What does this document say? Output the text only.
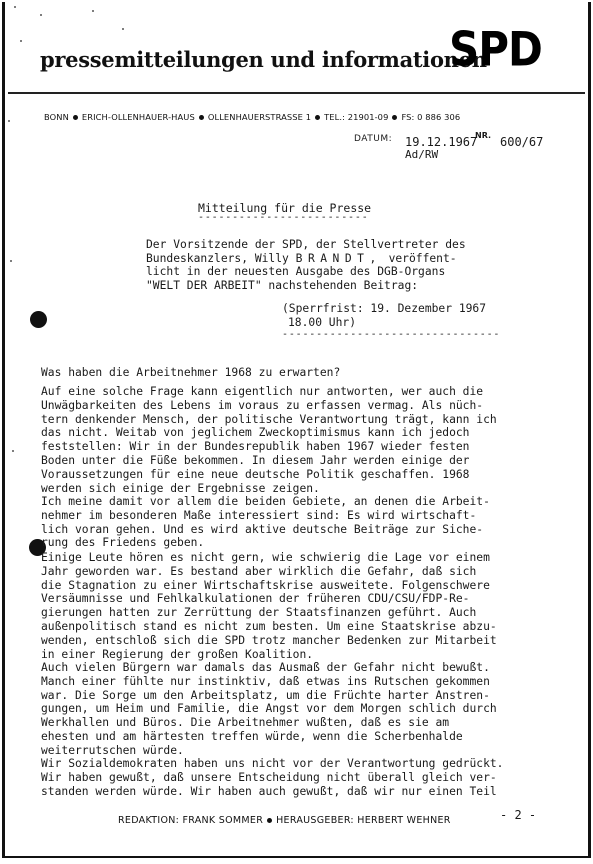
pressemitteilungen und informationen
SPD
BONN ERICH-OLLENHAUER-HAUS OLLENHAUERSTRASSE 1 TEL.: 21901-09 FS: 0 886 306
DATUM: 19.12.1967
NR. 600/67
Ad/RW
Mitteilung für die Presse
-------------------------
Der Vorsitzende der SPD, der Stellvertreter des
Bundeskanzlers, Willy BRANDT, veröffent-
licht in der neuesten Ausgabe des DGB-Organs
"WELT DER ARBEIT" nachstehenden Beitrag:
(Sperrfrist: 19. Dezember 1967
18.00 Uhr)
--------------------------------
Was haben die Arbeitnehmer 1968 zu erwarten?
Auf eine solche Frage kann eigentlich nur antworten, wer auch die
Unwägbarkeiten des Lebens im voraus zu erfassen vermag. Als nüch-
tern denkender Mensch, der politische Verantwortung trägt, kann ich
das nicht. Weitab von jeglichem Zweckoptimismus kann ich jedoch
feststellen: Wir in der Bundesrepublik haben 1967 wieder festen
Boden unter die Füße bekommen. In diesem Jahr werden einige der
Voraussetzungen für eine neue deutsche Politik geschaffen. 1968
werden sich einige der Ergebnisse zeigen.
Ich meine damit vor allem die beiden Gebiete, an denen die Arbeit-
nehmer im besonderen Maße interessiert sind: Es wird wirtschaft-
lich voran gehen. Und es wird aktive deutsche Beiträge zur Siche-
rung des Friedens geben.
Einige Leute hören es nicht gern, wie schwierig die Lage vor einem
Jahr geworden war. Es bestand aber wirklich die Gefahr, daß sich
die Stagnation zu einer Wirtschaftskrise ausweitete. Folgenschwere
Versäumnisse und Fehlkalkulationen der früheren CDU/CSU/FDP-Re-
gierungen hatten zur Zerrüttung der Staatsfinanzen geführt. Auch
außenpolitisch stand es nicht zum besten. Um eine Staatskrise abzu-
wenden, entschloß sich die SPD trotz mancher Bedenken zur Mitarbeit
in einer Regierung der großen Koalition.
Auch vielen Bürgern war damals das Ausmaß der Gefahr nicht bewußt.
Manch einer fühlte nur instinktiv, daß etwas ins Rutschen gekommen
war. Die Sorge um den Arbeitsplatz, um die Früchte harter Anstren-
gungen, um Heim und Familie, die Angst vor dem Morgen schlich durch
Werkhallen und Büros. Die Arbeitnehmer wußten, daß es sie am
ehesten und am härtesten treffen würde, wenn die Scherbenhalde
weiterrutschen würde.
Wir Sozialdemokraten haben uns nicht vor der Verantwortung gedrückt.
Wir haben gewußt, daß unsere Entscheidung nicht überall gleich ver-
standen werden würde. Wir haben auch gewußt, daß wir nur einen Teil
- 2 -
REDAKTION: FRANK SOMMER HERAUSGEBER: HERBERT WEHNER
